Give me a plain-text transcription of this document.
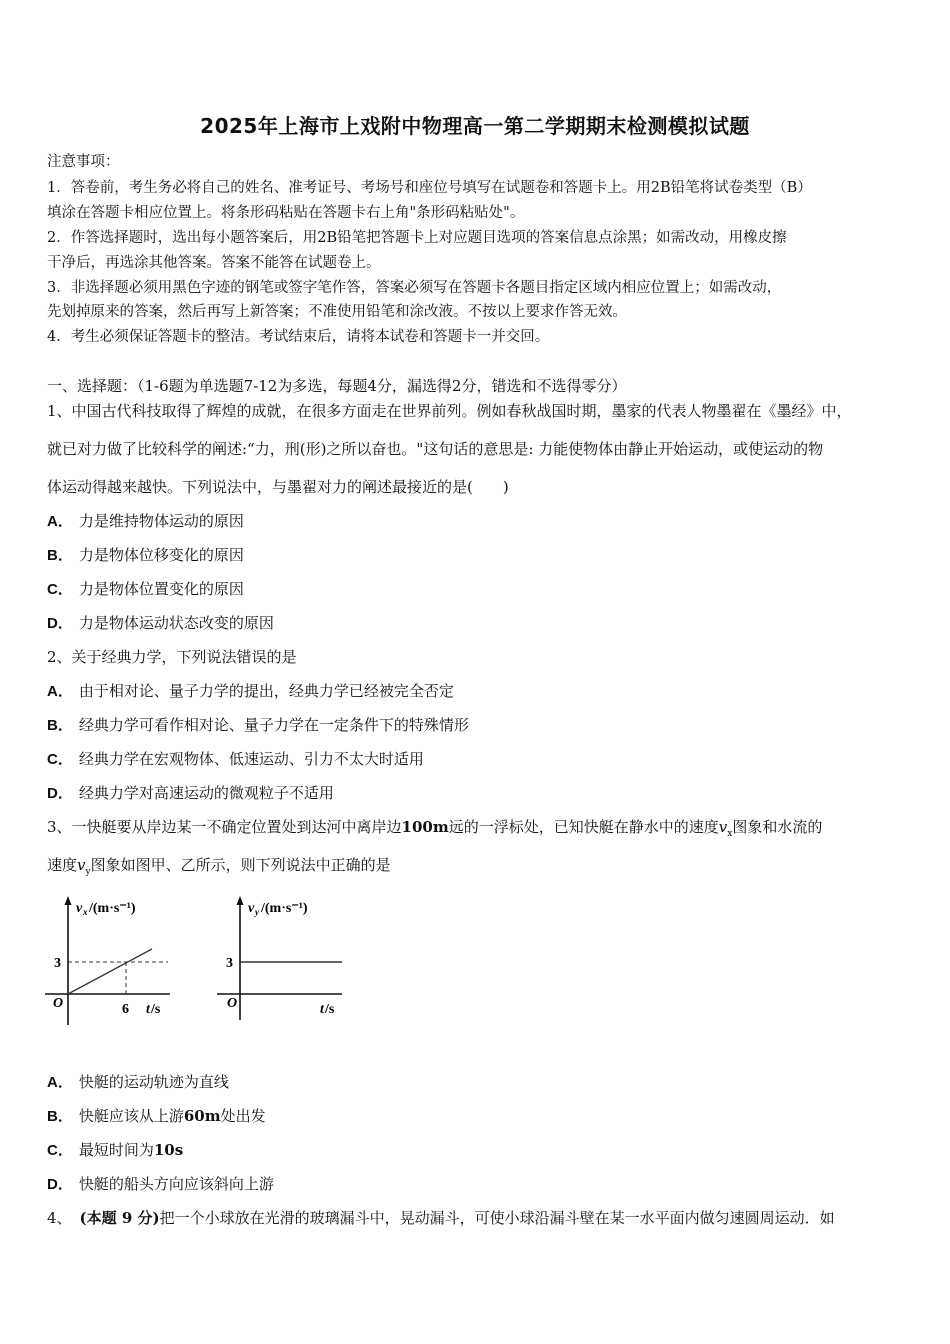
2025年上海市上戏附中物理高一第二学期期末检测模拟试题
注意事项：
1．答卷前，考生务必将自己的姓名、准考证号、考场号和座位号填写在试题卷和答题卡上。用2B铅笔将试卷类型（B）
填涂在答题卡相应位置上。将条形码粘贴在答题卡右上角"条形码粘贴处"。
2．作答选择题时，选出每小题答案后，用2B铅笔把答题卡上对应题目选项的答案信息点涂黑；如需改动，用橡皮擦
干净后，再选涂其他答案。答案不能答在试题卷上。
3．非选择题必须用黑色字迹的钢笔或签字笔作答，答案必须写在答题卡各题目指定区域内相应位置上；如需改动，
先划掉原来的答案，然后再写上新答案；不准使用铅笔和涂改液。不按以上要求作答无效。
4．考生必须保证答题卡的整洁。考试结束后，请将本试卷和答题卡一并交回。
一、选择题：（1-6题为单选题7-12为多选，每题4分，漏选得2分，错选和不选得零分）
1、中国古代科技取得了辉煌的成就，在很多方面走在世界前列。例如春秋战国时期，墨家的代表人物墨翟在《墨经》中，
就已对力做了比较科学的阐述:“力，刑(形)之所以奋也。"这句话的意思是: 力能使物体由静止开始运动，或使运动的物
体运动得越来越快。下列说法中，与墨翟对力的阐述最接近的是(　　)
A． 力是维持物体运动的原因
B． 力是物体位移变化的原因
C． 力是物体位置变化的原因
D． 力是物体运动状态改变的原因
2、关于经典力学，下列说法错误的是
A． 由于相对论、量子力学的提出，经典力学已经被完全否定
B． 经典力学可看作相对论、量子力学在一定条件下的特殊情形
C． 经典力学在宏观物体、低速运动、引力不太大时适用
D． 经典力学对高速运动的微观粒子不适用
3、一快艇要从岸边某一不确定位置处到达河中离岸边100m远的一浮标处，已知快艇在静水中的速度$v_x$图象和水流的
速度$v_y$图象如图甲、乙所示，则下列说法中正确的是
v x /(m·s⁻¹)
3
6
O	t /s
v y /(m·s⁻¹)
3
O	t /s
A． 快艇的运动轨迹为直线
B． 快艇应该从上游60m处出发
C． 最短时间为10s
D． 快艇的船头方向应该斜向上游
4、 (本题 9 分)把一个小球放在光滑的玻璃漏斗中，晃动漏斗，可使小球沿漏斗壁在某一水平面内做匀速圆周运动．如
